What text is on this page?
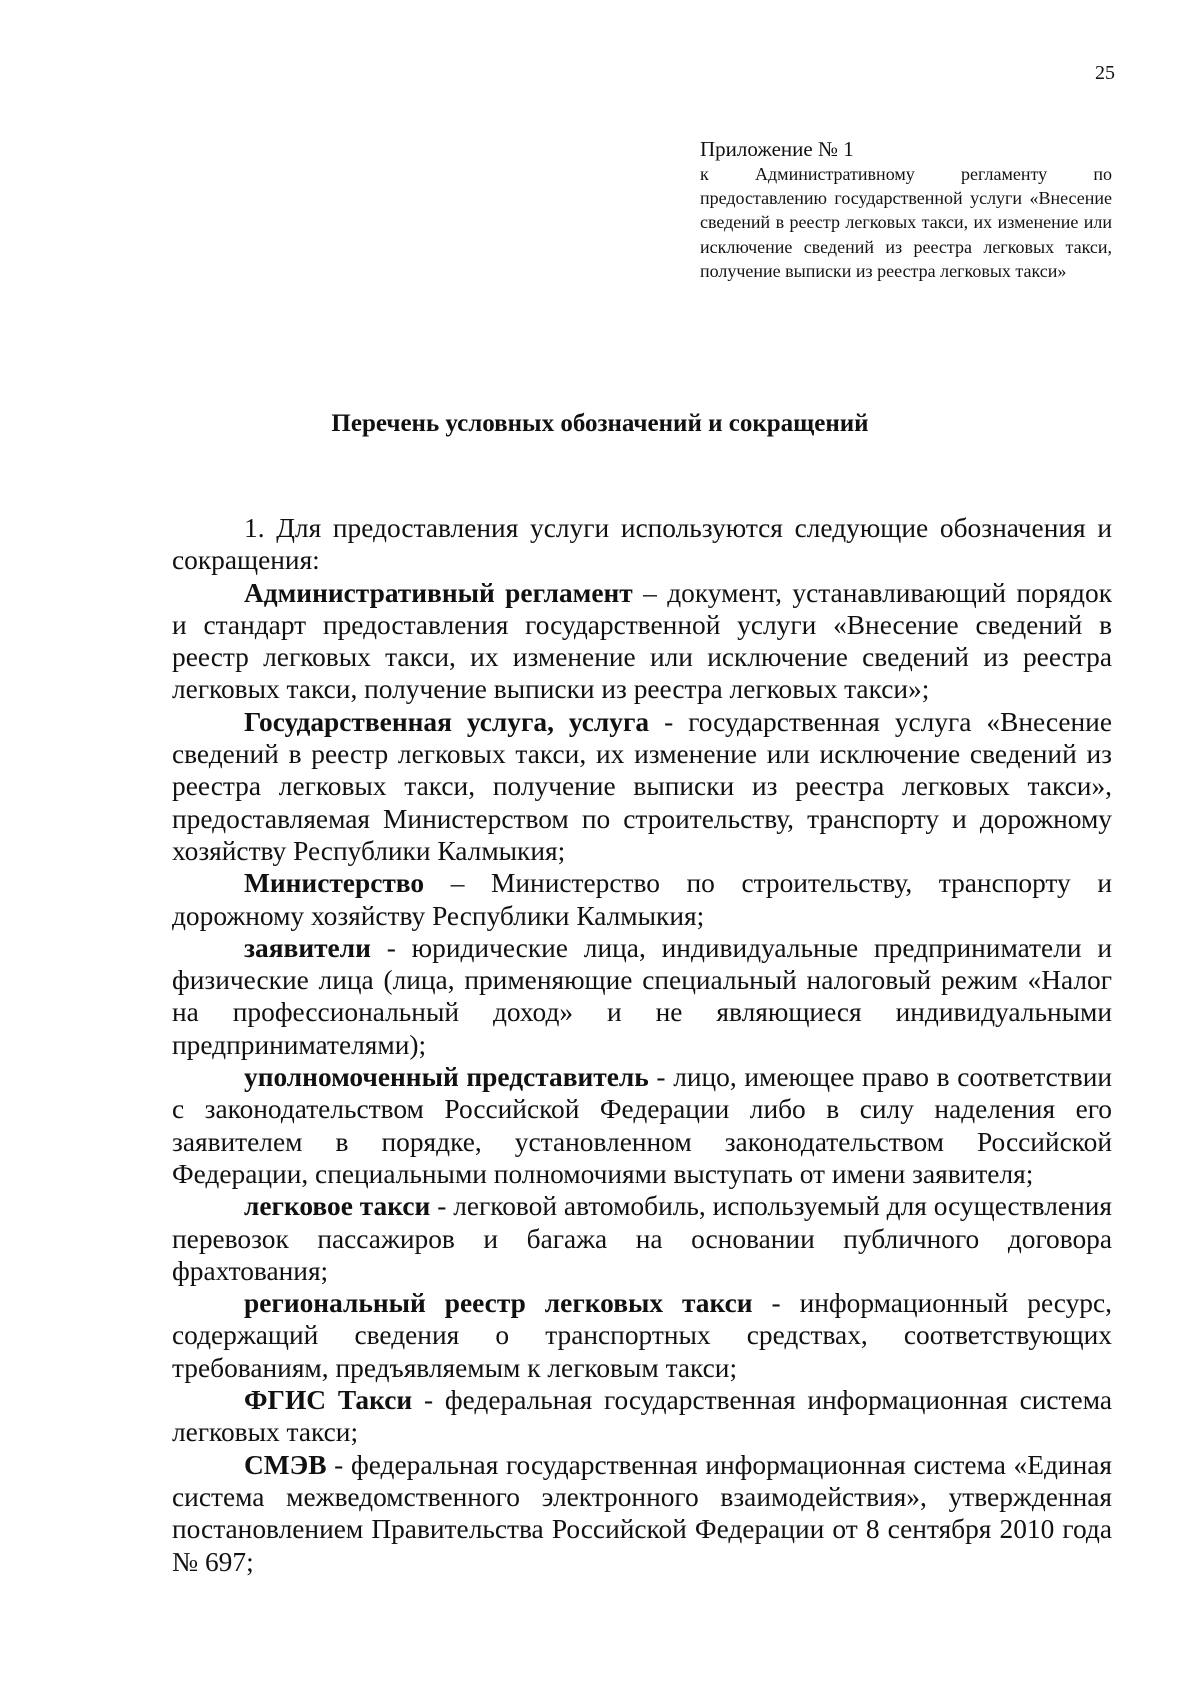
25
Приложение № 1
к Административному регламенту по предоставлению государственной услуги «Внесение сведений в реестр легковых такси, их изменение или исключение сведений из реестра легковых такси, получение выписки из реестра легковых такси»
Перечень условных обозначений и сокращений

1. Для предоставления услуги используются следующие обозначения и сокращения:

Административный регламент – документ, устанавливающий порядок и стандарт предоставления государственной услуги «Внесение сведений в реестр легковых такси, их изменение или исключение сведений из реестра легковых такси, получение выписки из реестра легковых такси»;

Государственная услуга, услуга - государственная услуга «Внесение сведений в реестр легковых такси, их изменение или исключение сведений из реестра легковых такси, получение выписки из реестра легковых такси», предоставляемая Министерством по строительству, транспорту и дорожному хозяйству Республики Калмыкия;

Министерство – Министерство по строительству, транспорту и дорожному хозяйству Республики Калмыкия;

заявители - юридические лица, индивидуальные предприниматели и физические лица (лица, применяющие специальный налоговый режим «Налог на профессиональный доход» и не являющиеся индивидуальными предпринимателями);

уполномоченный представитель - лицо, имеющее право в соответствии с законодательством Российской Федерации либо в силу наделения его заявителем в порядке, установленном законодательством Российской Федерации, специальными полномочиями выступать от имени заявителя;

легковое такси - легковой автомобиль, используемый для осуществления перевозок пассажиров и багажа на основании публичного договора фрахтования;

региональный реестр легковых такси - информационный ресурс, содержащий сведения о транспортных средствах, соответствующих требованиям, предъявляемым к легковым такси;

ФГИС Такси - федеральная государственная информационная система легковых такси;

СМЭВ - федеральная государственная информационная система «Единая система межведомственного электронного взаимодействия», утвержденная постановлением Правительства Российской Федерации от 8 сентября 2010 года № 697;
